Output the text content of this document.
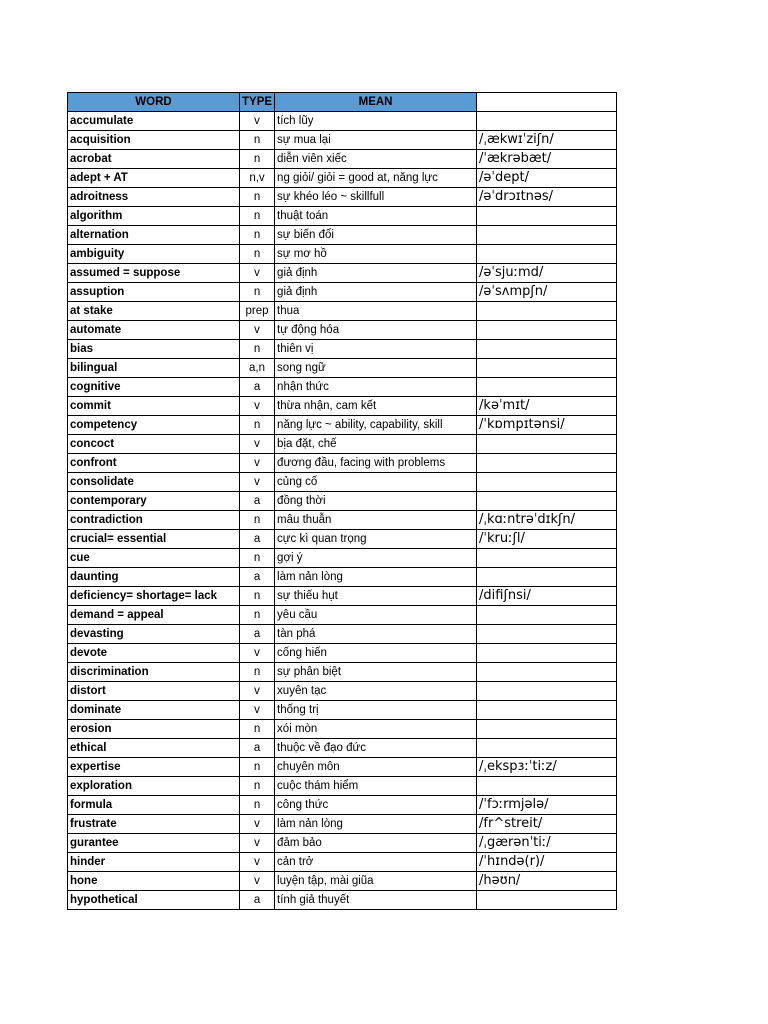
WORD	TYPE	MEAN	
accumulate	v	tích lũy	
acquisition	n	sự mua lại	/ˌækwɪˈziʃn/
acrobat	n	diễn viên xiếc	/ˈækrəbæt/
adept + AT	n,v	ng giỏi/ giỏi = good at, năng lực	/əˈdept/
adroitness	n	sự khéo léo ~ skillfull	/əˈdrɔɪtnəs/
algorithm	n	thuật toán	
alternation	n	sự biến đổi	
ambiguity	n	sự mơ hồ	
assumed = suppose	v	giả định	/əˈsjuːmd/
assuption	n	giả định	/əˈsʌmpʃn/
at stake	prep	thua	
automate	v	tự động hóa	
bias	n	thiên vị	
bilingual	a,n	song ngữ	
cognitive	a	nhận thức	
commit	v	thừa nhận, cam kết	/kəˈmɪt/
competency	n	năng lực ~ ability, capability, skill	/ˈkɒmpɪtənsi/
concoct	v	bịa đặt, chế	
confront	v	đương đầu, facing with problems	
consolidate	v	củng cố	
contemporary	a	đồng thời	
contradiction	n	mâu thuẫn	/ˌkɑːntrəˈdɪkʃn/
crucial= essential	a	cực kì quan trọng	/ˈkruːʃl/
cue	n	gợi ý	
daunting	a	làm nản lòng	
deficiency= shortage= lack	n	sự thiếu hụt	/difiʃnsi/
demand = appeal	n	yêu cầu	
devasting	a	tàn phá	
devote	v	cống hiến	
discrimination	n	sự phân biệt	
distort	v	xuyên tạc	
dominate	v	thống trị	
erosion	n	xói mòn	
ethical	a	thuộc về đạo đức	
expertise	n	chuyên môn	/ˌekspɜːˈtiːz/
exploration	n	cuộc thám hiểm	
formula	n	công thức	/ˈfɔːrmjələ/
frustrate	v	làm nản lòng	/fr^streit/
gurantee	v	đảm bảo	/ˌgærənˈtiː/
hinder	v	cản trở	/ˈhɪndə(r)/
hone	v	luyện tập, mài giũa	/həʊn/
hypothetical	a	tính giả thuyết	
